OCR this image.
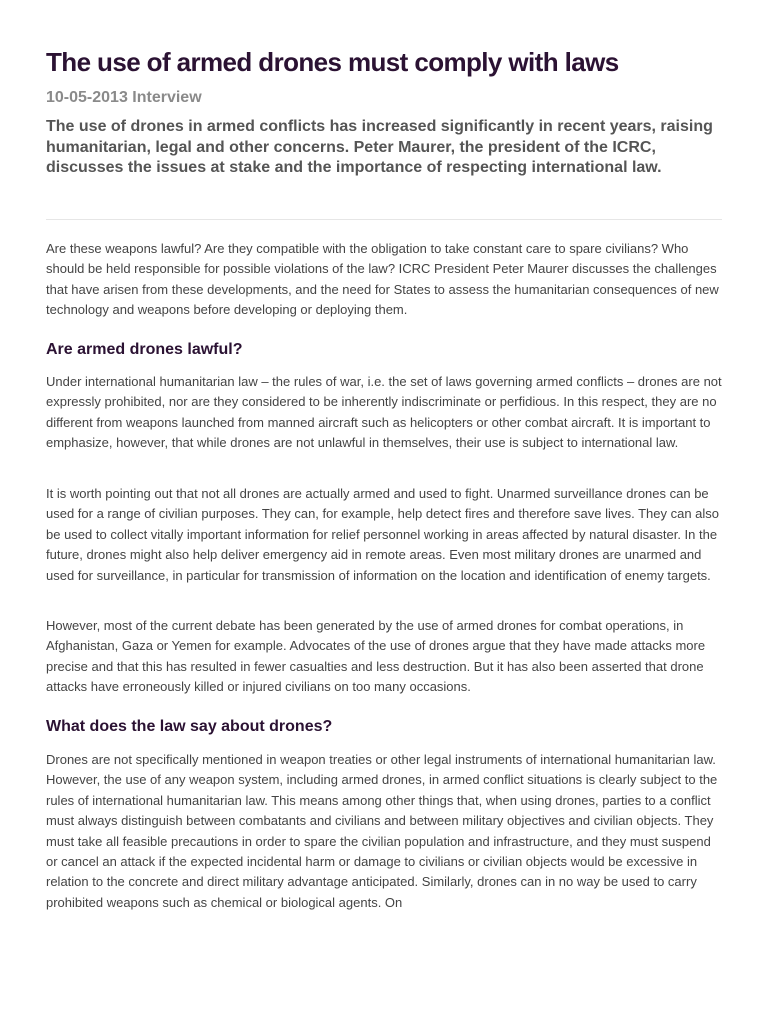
The use of armed drones must comply with laws
10-05-2013 Interview

The use of drones in armed conflicts has increased significantly in recent years, raising humanitarian, legal and other concerns. Peter Maurer, the president of the ICRC, discusses the issues at stake and the importance of respecting international law.

Are these weapons lawful? Are they compatible with the obligation to take constant care to spare civilians? Who should be held responsible for possible violations of the law? ICRC President Peter Maurer discusses the challenges that have arisen from these developments, and the need for States to assess the humanitarian consequences of new technology and weapons before developing or deploying them.

Are armed drones lawful?

Under international humanitarian law – the rules of war, i.e. the set of laws governing armed conflicts – drones are not expressly prohibited, nor are they considered to be inherently indiscriminate or perfidious. In this respect, they are no different from weapons launched from manned aircraft such as helicopters or other combat aircraft. It is important to emphasize, however, that while drones are not unlawful in themselves, their use is subject to international law.

It is worth pointing out that not all drones are actually armed and used to fight. Unarmed surveillance drones can be used for a range of civilian purposes. They can, for example, help detect fires and therefore save lives. They can also be used to collect vitally important information for relief personnel working in areas affected by natural disaster. In the future, drones might also help deliver emergency aid in remote areas. Even most military drones are unarmed and used for surveillance, in particular for transmission of information on the location and identification of enemy targets.

However, most of the current debate has been generated by the use of armed drones for combat operations, in Afghanistan, Gaza or Yemen for example. Advocates of the use of drones argue that they have made attacks more precise and that this has resulted in fewer casualties and less destruction. But it has also been asserted that drone attacks have erroneously killed or injured civilians on too many occasions.

What does the law say about drones?

Drones are not specifically mentioned in weapon treaties or other legal instruments of international humanitarian law. However, the use of any weapon system, including armed drones, in armed conflict situations is clearly subject to the rules of international humanitarian law. This means among other things that, when using drones, parties to a conflict must always distinguish between combatants and civilians and between military objectives and civilian objects. They must take all feasible precautions in order to spare the civilian population and infrastructure, and they must suspend or cancel an attack if the expected incidental harm or damage to civilians or civilian objects would be excessive in relation to the concrete and direct military advantage anticipated. Similarly, drones can in no way be used to carry prohibited weapons such as chemical or biological agents. On
